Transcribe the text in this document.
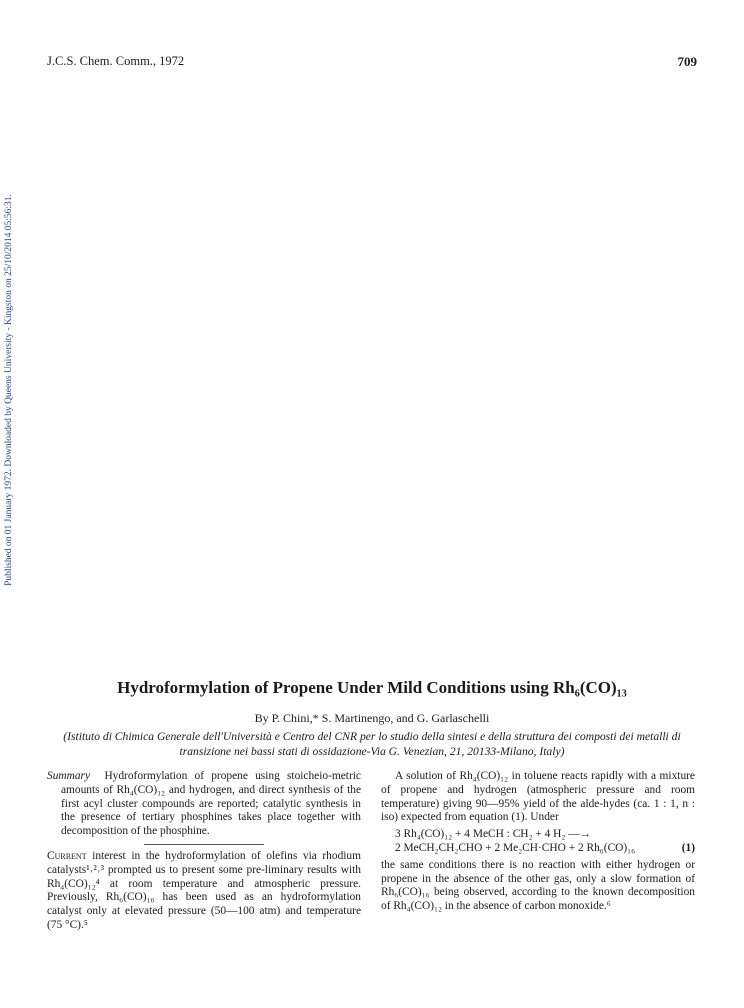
J.C.S. Chem. Comm., 1972	709
Published on 01 January 1972. Downloaded by Queens University - Kingston on 25/10/2014 05:56:31.
Hydroformylation of Propene Under Mild Conditions using Rh₆(CO)₁₃
By P. Chini,* S. Martinengo, and G. Garlaschelli
(Istituto di Chimica Generale dell'Università e Centro del CNR per lo studio della sintesi e della struttura dei composti dei metalli di transizione nei bassi stati di ossidazione-Via G. Venezian, 21, 20133-Milano, Italy)

Summary Hydroformylation of propene using stoicheio-metric amounts of Rh₄(CO)₁₂ and hydrogen, and direct synthesis of the first acyl cluster compounds are reported; catalytic synthesis in the presence of tertiary phosphines takes place together with decomposition of the phosphine.

Current interest in the hydroformylation of olefins via rhodium catalysts¹˒²˒³ prompted us to present some pre-liminary results with Rh₄(CO)₁₂⁴ at room temperature and atmospheric pressure. Previously, Rh₆(CO)₁₆ has been used as an hydroformylation catalyst only at elevated pressure (50—100 atm) and temperature (75 °C).⁵

A solution of Rh₄(CO)₁₂ in toluene reacts rapidly with a mixture of propene and hydrogen (atmospheric pressure and room temperature) giving 90—95% yield of the alde-hydes (ca. 1 : 1, n : iso) expected from equation (1). Under

3 Rh₄(CO)₁₂ + 4 MeCH : CH₂ + 4 H₂ —→
2 MeCH₂CH₂CHO + 2 Me₂CH·CHO + 2 Rh₆(CO)₁₆	(1)

the same conditions there is no reaction with either hydrogen or propene in the absence of the other gas, only a slow formation of Rh₆(CO)₁₆ being observed, according to the known decomposition of Rh₄(CO)₁₂ in the absence of carbon monoxide.⁶
